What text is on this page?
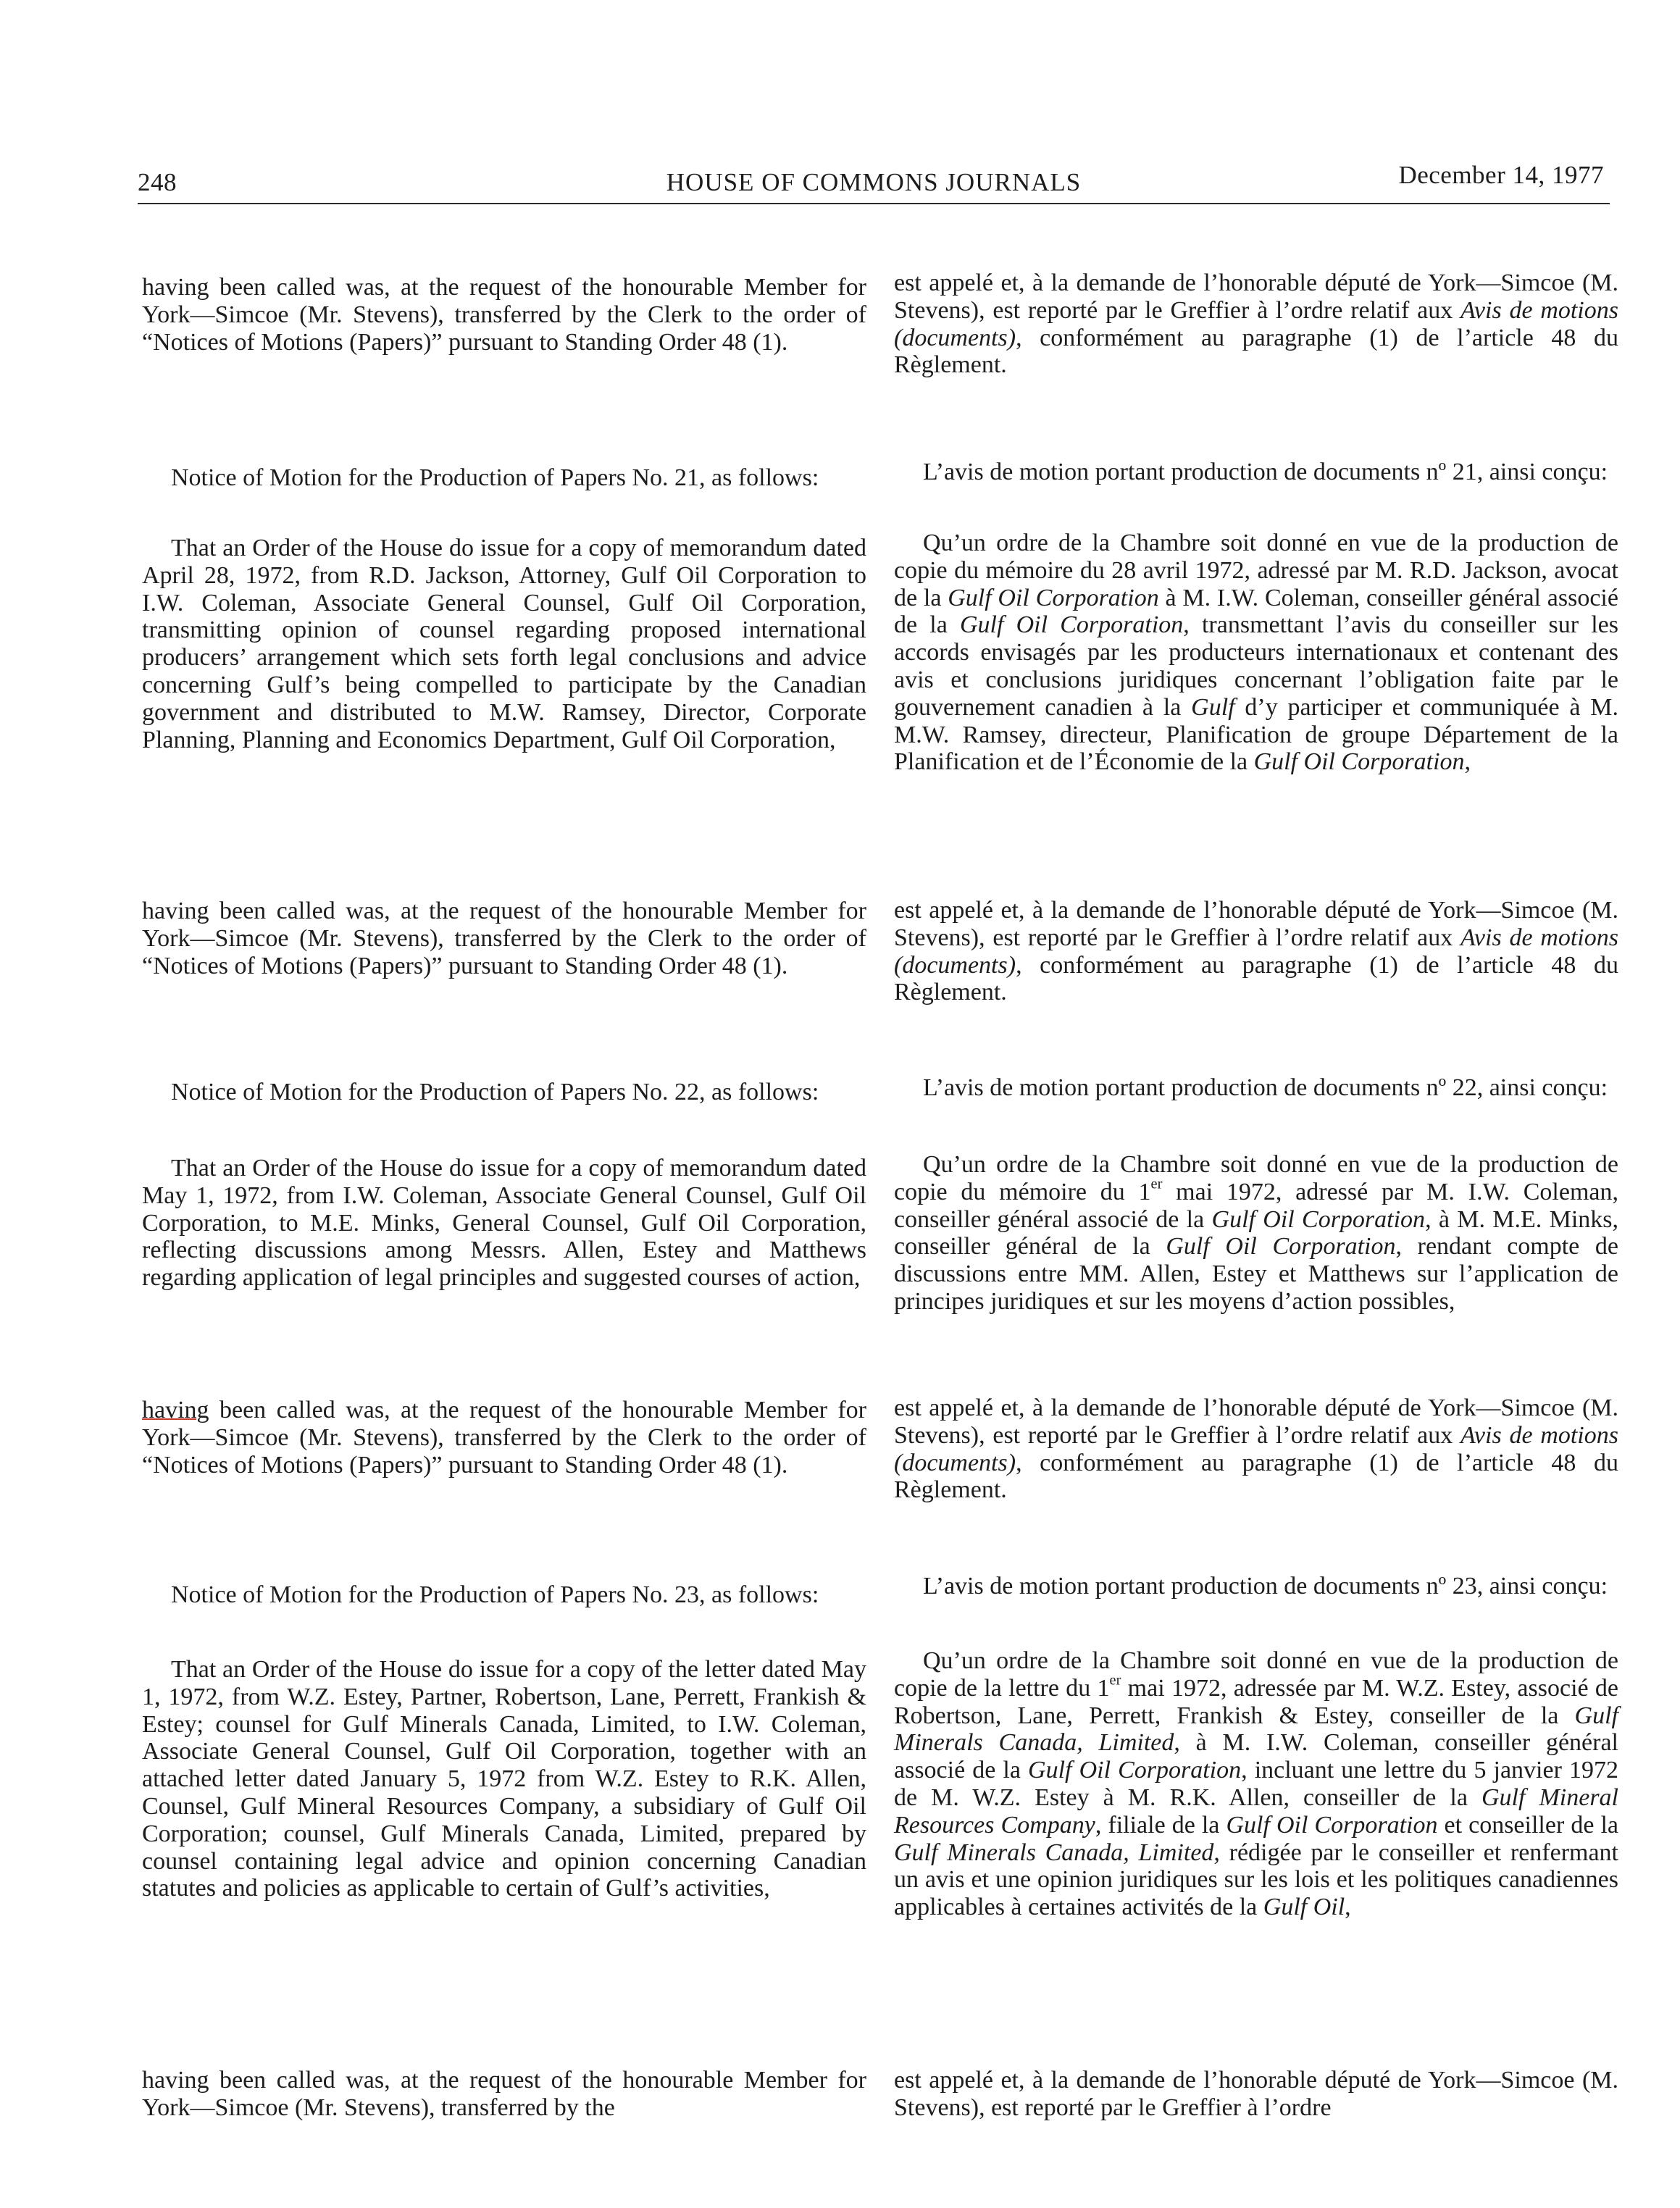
248	HOUSE OF COMMONS JOURNALS	December 14, 1977

having been called was, at the request of the honourable Member for York—Simcoe (Mr. Stevens), transferred by the Clerk to the order of “Notices of Motions (Papers)” pursuant to Standing Order 48 (1).

Notice of Motion for the Production of Papers No. 21, as follows:

That an Order of the House do issue for a copy of memorandum dated April 28, 1972, from R.D. Jackson, Attorney, Gulf Oil Corporation to I.W. Coleman, Associate General Counsel, Gulf Oil Corporation, transmitting opinion of counsel regarding proposed international producers’ arrangement which sets forth legal conclusions and advice concerning Gulf’s being compelled to participate by the Canadian government and distributed to M.W. Ramsey, Director, Corporate Planning, Planning and Economics Department, Gulf Oil Corporation,

having been called was, at the request of the honourable Member for York—Simcoe (Mr. Stevens), transferred by the Clerk to the order of “Notices of Motions (Papers)” pursuant to Standing Order 48 (1).

Notice of Motion for the Production of Papers No. 22, as follows:

That an Order of the House do issue for a copy of memorandum dated May 1, 1972, from I.W. Coleman, Associate General Counsel, Gulf Oil Corporation, to M.E. Minks, General Counsel, Gulf Oil Corporation, reflecting discussions among Messrs. Allen, Estey and Matthews regarding application of legal principles and suggested courses of action,

having been called was, at the request of the honourable Member for York—Simcoe (Mr. Stevens), transferred by the Clerk to the order of “Notices of Motions (Papers)” pursuant to Standing Order 48 (1).

Notice of Motion for the Production of Papers No. 23, as follows:

That an Order of the House do issue for a copy of the letter dated May 1, 1972, from W.Z. Estey, Partner, Robertson, Lane, Perrett, Frankish & Estey; counsel for Gulf Minerals Canada, Limited, to I.W. Coleman, Associate General Counsel, Gulf Oil Corporation, together with an attached letter dated January 5, 1972 from W.Z. Estey to R.K. Allen, Counsel, Gulf Mineral Resources Company, a subsidiary of Gulf Oil Corporation; counsel, Gulf Minerals Canada, Limited, prepared by counsel containing legal advice and opinion concerning Canadian statutes and policies as applicable to certain of Gulf’s activities,

having been called was, at the request of the honourable Member for York—Simcoe (Mr. Stevens), transferred by the

est appelé et, à la demande de l’honorable député de York—Simcoe (M. Stevens), est reporté par le Greffier à l’ordre relatif aux Avis de motions (documents), conformément au paragraphe (1) de l’article 48 du Règlement.

L’avis de motion portant production de documents nº 21, ainsi conçu:

Qu’un ordre de la Chambre soit donné en vue de la production de copie du mémoire du 28 avril 1972, adressé par M. R.D. Jackson, avocat de la Gulf Oil Corporation à M. I.W. Coleman, conseiller général associé de la Gulf Oil Corporation, transmettant l’avis du conseiller sur les accords envisagés par les producteurs internationaux et contenant des avis et conclusions juridiques concernant l’obligation faite par le gouvernement canadien à la Gulf d’y participer et communiquée à M. M.W. Ramsey, directeur, Planification de groupe Département de la Planification et de l’Économie de la Gulf Oil Corporation,

est appelé et, à la demande de l’honorable député de York—Simcoe (M. Stevens), est reporté par le Greffier à l’ordre relatif aux Avis de motions (documents), conformément au paragraphe (1) de l’article 48 du Règlement.

L’avis de motion portant production de documents nº 22, ainsi conçu:

Qu’un ordre de la Chambre soit donné en vue de la production de copie du mémoire du 1er mai 1972, adressé par M. I.W. Coleman, conseiller général associé de la Gulf Oil Corporation, à M. M.E. Minks, conseiller général de la Gulf Oil Corporation, rendant compte de discussions entre MM. Allen, Estey et Matthews sur l’application de principes juridiques et sur les moyens d’action possibles,

est appelé et, à la demande de l’honorable député de York—Simcoe (M. Stevens), est reporté par le Greffier à l’ordre relatif aux Avis de motions (documents), conformément au paragraphe (1) de l’article 48 du Règlement.

L’avis de motion portant production de documents nº 23, ainsi conçu:

Qu’un ordre de la Chambre soit donné en vue de la production de copie de la lettre du 1er mai 1972, adressée par M. W.Z. Estey, associé de Robertson, Lane, Perrett, Frankish & Estey, conseiller de la Gulf Minerals Canada, Limited, à M. I.W. Coleman, conseiller général associé de la Gulf Oil Corporation, incluant une lettre du 5 janvier 1972 de M. W.Z. Estey à M. R.K. Allen, conseiller de la Gulf Mineral Resources Company, filiale de la Gulf Oil Corporation et conseiller de la Gulf Minerals Canada, Limited, rédigée par le conseiller et renfermant un avis et une opinion juridiques sur les lois et les politiques canadiennes applicables à certaines activités de la Gulf Oil,

est appelé et, à la demande de l’honorable député de York—Simcoe (M. Stevens), est reporté par le Greffier à l’ordre
